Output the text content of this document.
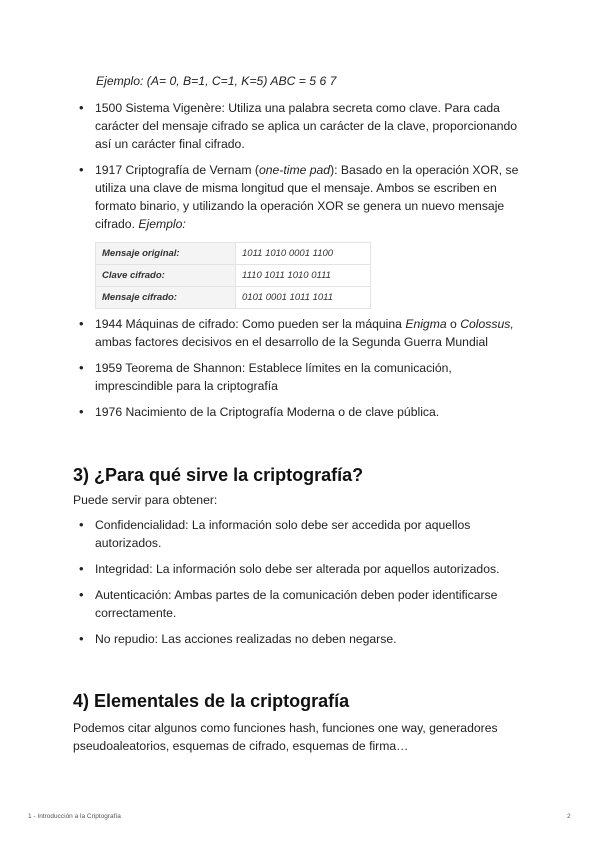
Ejemplo: (A= 0, B=1, C=1, K=5) ABC = 5 6 7
• 1500 Sistema Vigenère: Utiliza una palabra secreta como clave. Para cada carácter del mensaje cifrado se aplica un carácter de la clave, proporcionando así un carácter final cifrado.
• 1917 Criptografía de Vernam (one-time pad): Basado en la operación XOR, se utiliza una clave de misma longitud que el mensaje. Ambos se escriben en formato binario, y utilizando la operación XOR se genera un nuevo mensaje cifrado. Ejemplo:
Mensaje original:	1011 1010 0001 1100
Clave cifrado:	1110 1011 1010 0111
Mensaje cifrado:	0101 0001 1011 1011
• 1944 Máquinas de cifrado: Como pueden ser la máquina Enigma o Colossus, ambas factores decisivos en el desarrollo de la Segunda Guerra Mundial
• 1959 Teorema de Shannon: Establece límites en la comunicación, imprescindible para la criptografía
• 1976 Nacimiento de la Criptografía Moderna o de clave pública.
3) ¿Para qué sirve la criptografía?

Puede servir para obtener:

• Confidencialidad: La información solo debe ser accedida por aquellos autorizados.
• Integridad: La información solo debe ser alterada por aquellos autorizados.
• Autenticación: Ambas partes de la comunicación deben poder identificarse correctamente.
• No repudio: Las acciones realizadas no deben negarse.
4) Elementales de la criptografía

Podemos citar algunos como funciones hash, funciones one way, generadores pseudoaleatorios, esquemas de cifrado, esquemas de firma…

1 - Introducción a la Criptografía	2
